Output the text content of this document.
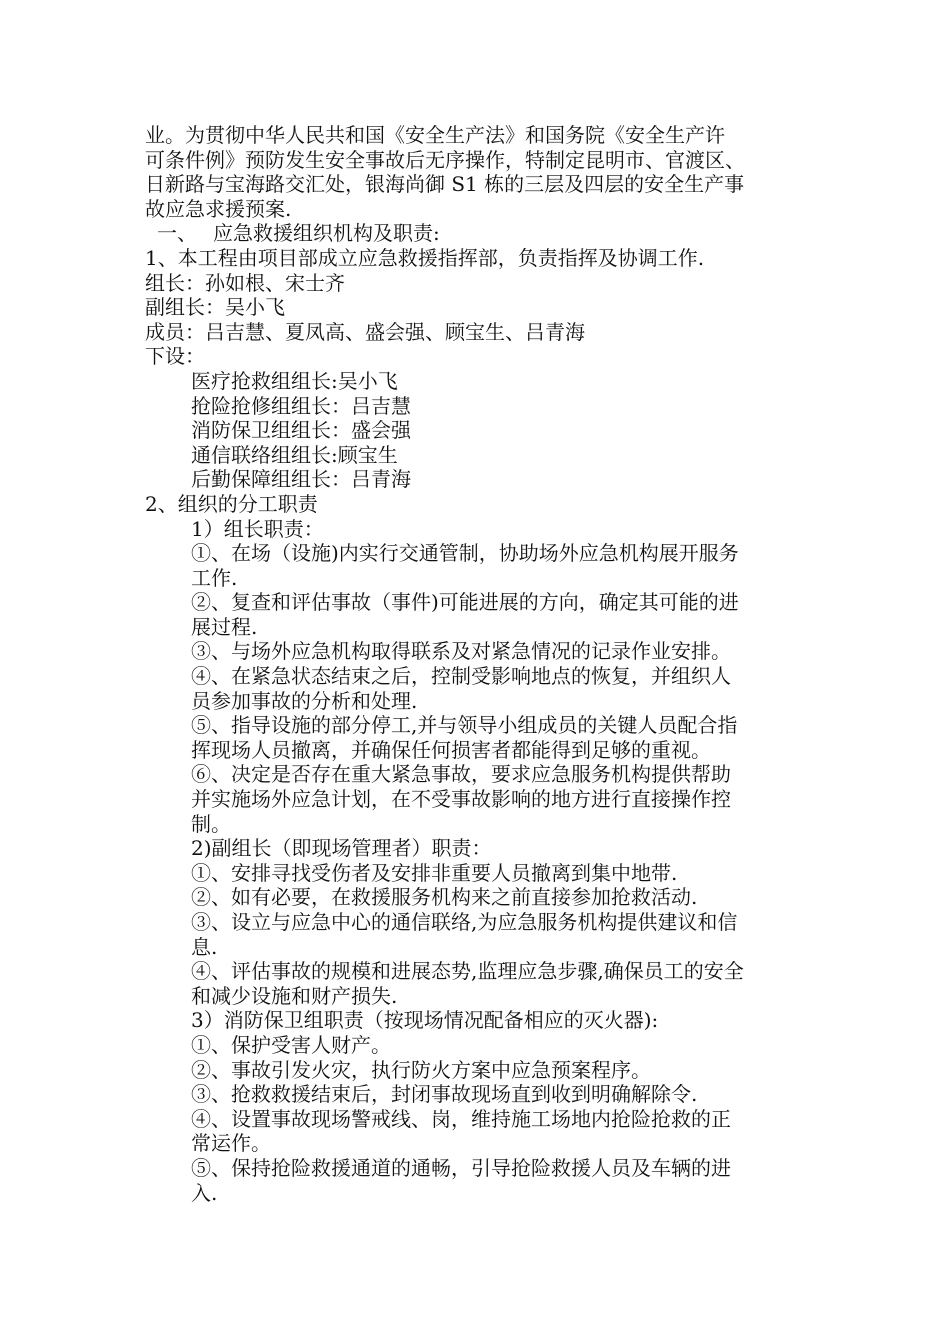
业。为贯彻中华人民共和国《安全生产法》和国务院《安全生产许
可条件例》预防发生安全事故后无序操作，特制定昆明市、官渡区、
日新路与宝海路交汇处，银海尚御 S1 栋的三层及四层的安全生产事
故应急求援预案.
一、 应急救援组织机构及职责:
1、本工程由项目部成立应急救援指挥部，负责指挥及协调工作.
组长：孙如根、宋士齐
副组长：吴小飞
成员：吕吉慧、夏凤高、盛会强、顾宝生、吕青海
下设：
医疗抢救组组长:吴小飞
抢险抢修组组长：吕吉慧
消防保卫组组长：盛会强
通信联络组组长:顾宝生
后勤保障组组长：吕青海
2、组织的分工职责
1）组长职责：
①、在场（设施)内实行交通管制，协助场外应急机构展开服务
工作.
②、复查和评估事故（事件)可能进展的方向，确定其可能的进
展过程.
③、与场外应急机构取得联系及对紧急情况的记录作业安排。
④、在紧急状态结束之后，控制受影响地点的恢复，并组织人
员参加事故的分析和处理.
⑤、指导设施的部分停工,并与领导小组成员的关键人员配合指
挥现场人员撤离，并确保任何损害者都能得到足够的重视。
⑥、决定是否存在重大紧急事故，要求应急服务机构提供帮助
并实施场外应急计划，在不受事故影响的地方进行直接操作控
制。
2)副组长（即现场管理者）职责：
①、安排寻找受伤者及安排非重要人员撤离到集中地带.
②、如有必要，在救援服务机构来之前直接参加抢救活动.
③、设立与应急中心的通信联络,为应急服务机构提供建议和信
息.
④、评估事故的规模和进展态势,监理应急步骤,确保员工的安全
和减少设施和财产损失.
3）消防保卫组职责（按现场情况配备相应的灭火器):
①、保护受害人财产。
②、事故引发火灾，执行防火方案中应急预案程序。
③、抢救救援结束后，封闭事故现场直到收到明确解除令.
④、设置事故现场警戒线、岗，维持施工场地内抢险抢救的正
常运作。
⑤、保持抢险救援通道的通畅，引导抢险救援人员及车辆的进
入.
